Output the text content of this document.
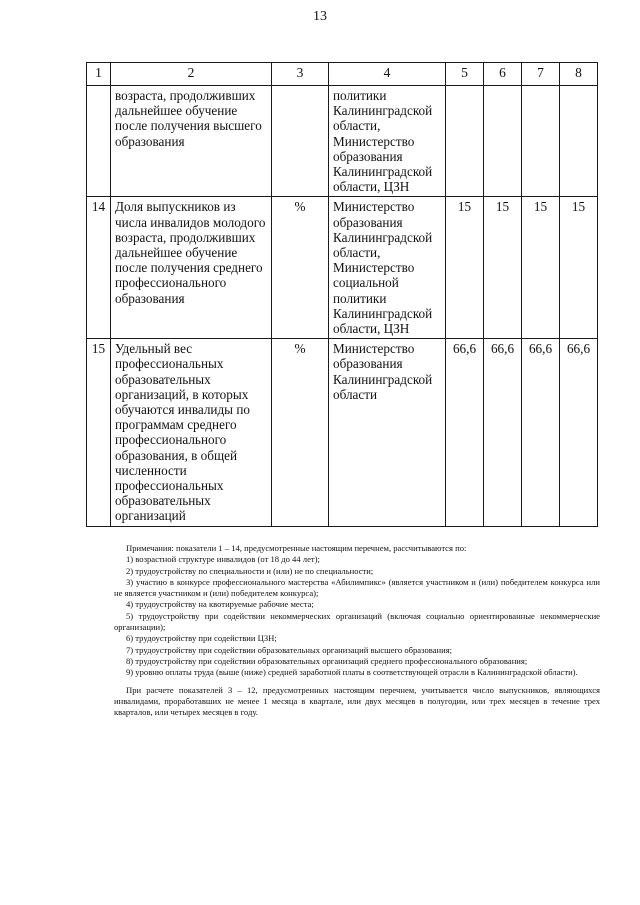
13
1	2	3	4	5	6	7	8
	возраста, продолживших дальнейшее обучение после получения высшего образования		политики Калининградской области, Министерство образования Калининградской области, ЦЗН				
14	Доля выпускников из числа инвалидов молодого возраста, продолживших дальнейшее обучение после получения среднего профессионального образования	%	Министерство образования Калининградской области, Министерство социальной политики Калининградской области, ЦЗН	15	15	15	15
15	Удельный вес профессиональных образовательных организаций, в которых обучаются инвалиды по программам среднего профессионального образования, в общей численности профессиональных образовательных организаций	%	Министерство образования Калининградской области	66,6	66,6	66,6	66,6

Примечания: показатели 1 – 14, предусмотренные настоящим перечнем, рассчитываются по:

1) возрастной структуре инвалидов (от 18 до 44 лет);

2) трудоустройству по специальности и (или) не по специальности;

3) участию в конкурсе профессионального мастерства «Абилимпикс» (является участником и (или) победителем конкурса или не является участником и (или) победителем конкурса);

4) трудоустройству на квотируемые рабочие места;

5) трудоустройству при содействии некоммерческих организаций (включая социально ориентированные некоммерческие организации);

6) трудоустройству при содействии ЦЗН;

7) трудоустройству при содействии образовательных организаций высшего образования;

8) трудоустройству при содействии образовательных организаций среднего профессионального образования;

9) уровню оплаты труда (выше (ниже) средней заработной платы в соответствующей отрасли в Калининградской области).

При расчете показателей 3 – 12, предусмотренных настоящим перечнем, учитывается число выпускников, являющихся инвалидами, проработавших не менее 1 месяца в квартале, или двух месяцев в полугодии, или трех месяцев в течение трех кварталов, или четырех месяцев в году.
